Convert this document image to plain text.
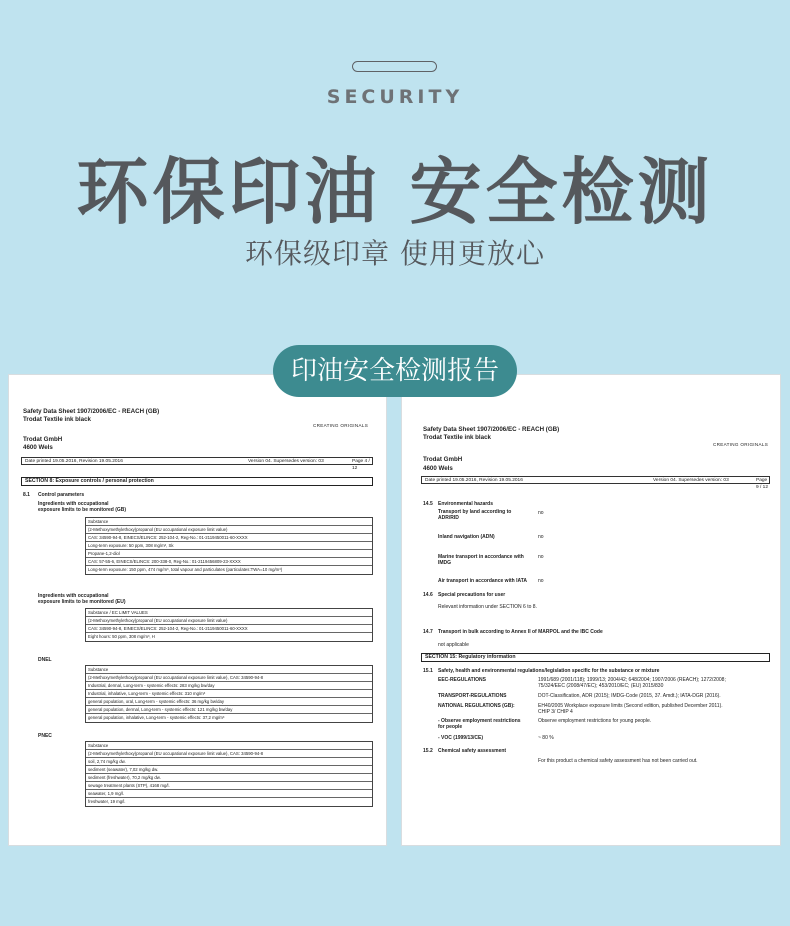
SECURITY
环保印油 安全检测
环保级印章 使用更放心
Safety Data Sheet 1907/2006/EC - REACH (GB)
Trodat Textile ink black
CREATING ORIGINALS
Trodat GmbH
4600 Wels
Date printed 19.05.2016, Revision 19.05.2016	Version 04. Supersedes version: 03	Page 4 / 12
SECTION 8: Exposure controls / personal protection
8.1 Control parameters
Ingredients with occupational
exposure limits to be monitored (GB)
Substance
(2-Methoxymethylethoxy)propanol (EU occupational exposure limit value)
CAS: 34590-94-8, EINECS/ELINCS: 252-104-2, Reg-No.: 01-2119450011-60-XXXX
Long-term exposure: 50 ppm, 308 mg/m³, Sk
Propane-1,2-diol
CAS: 57-55-6, EINECS/ELINCS: 200-338-0, Reg-No.: 01-2119456809-23-XXXX
Long-term exposure: 150 ppm, 474 mg/m³, total vapour and particulates (particulates:TWA=10 mg/m³)
Ingredients with occupational
exposure limits to be monitored (EU)
Substance / EC LIMIT VALUES
(2-Methoxymethylethoxy)propanol (EU occupational exposure limit value)
CAS: 34590-94-8, EINECS/ELINCS: 252-104-2, Reg-No.: 01-2119450011-60-XXXX
Eight hours: 50 ppm, 308 mg/m³, H
DNEL
Substance
(2-Methoxymethylethoxy)propanol (EU occupational exposure limit value), CAS: 34590-94-8
Industrial, dermal, Long-term - systemic effects: 283 mg/kg bw/day
Industrial, inhalative, Long-term - systemic effects: 310 mg/m³
general population, oral, Long-term - systemic effects: 36 mg/kg bw/day
general population, dermal, Long-term - systemic effects: 121 mg/kg bw/day
general population, inhalative, Long-term - systemic effects: 37,2 mg/m³
PNEC
Substance
(2-Methoxymethylethoxy)propanol (EU occupational exposure limit value), CAS: 34590-94-8
soil, 2,74 mg/kg dw.
sediment (seawater), 7,02 mg/kg dw.
sediment (freshwater), 70,2 mg/kg dw.
sewage treatment plants (STP), 4168 mg/l.
seawater, 1,9 mg/l.
freshwater, 19 mg/l.
Safety Data Sheet 1907/2006/EC - REACH (GB)
Trodat Textile ink black
CREATING ORIGINALS
Trodat GmbH
4600 Wels
Date printed 19.05.2016, Revision 19.05.2016	Version 04. Supersedes version: 03	Page 9 / 12
14.5 Environmental hazards
Transport by land according to
ADR/RID
no
Inland navigation (ADN)	no
Marine transport in accordance with
IMDG
no
Air transport in accordance with IATA no
14.6 Special precautions for user
Relevant information under SECTION 6 to 8.
14.7 Transport in bulk according to Annex II of MARPOL and the IBC Code
not applicable
SECTION 15: Regulatory information
15.1 Safety, health and environmental regulations/legislation specific for the substance or mixture
EEC-REGULATIONS	1991/689 (2001/118); 1999/13; 2004/42; 648/2004; 1907/2006 (REACH); 1272/2008;
75/324/EEC (2008/47/EC); 453/2010/EC; (EU) 2015/830
TRANSPORT-REGULATIONS	DOT-Classification, ADR (2015); IMDG-Code (2015, 37. Amdt.); IATA-DGR (2016).
NATIONAL REGULATIONS (GB):	EH40/2005 Workplace exposure limits (Second edition, published December 2011).
CHIP 3/ CHIP 4
- Observe employment restrictions
for people
Observe employment restrictions for young people.
- VOC (1999/13/CE)	~ 80 %
15.2 Chemical safety assessment
For this product a chemical safety assessment has not been carried out.
印油安全检测报告
